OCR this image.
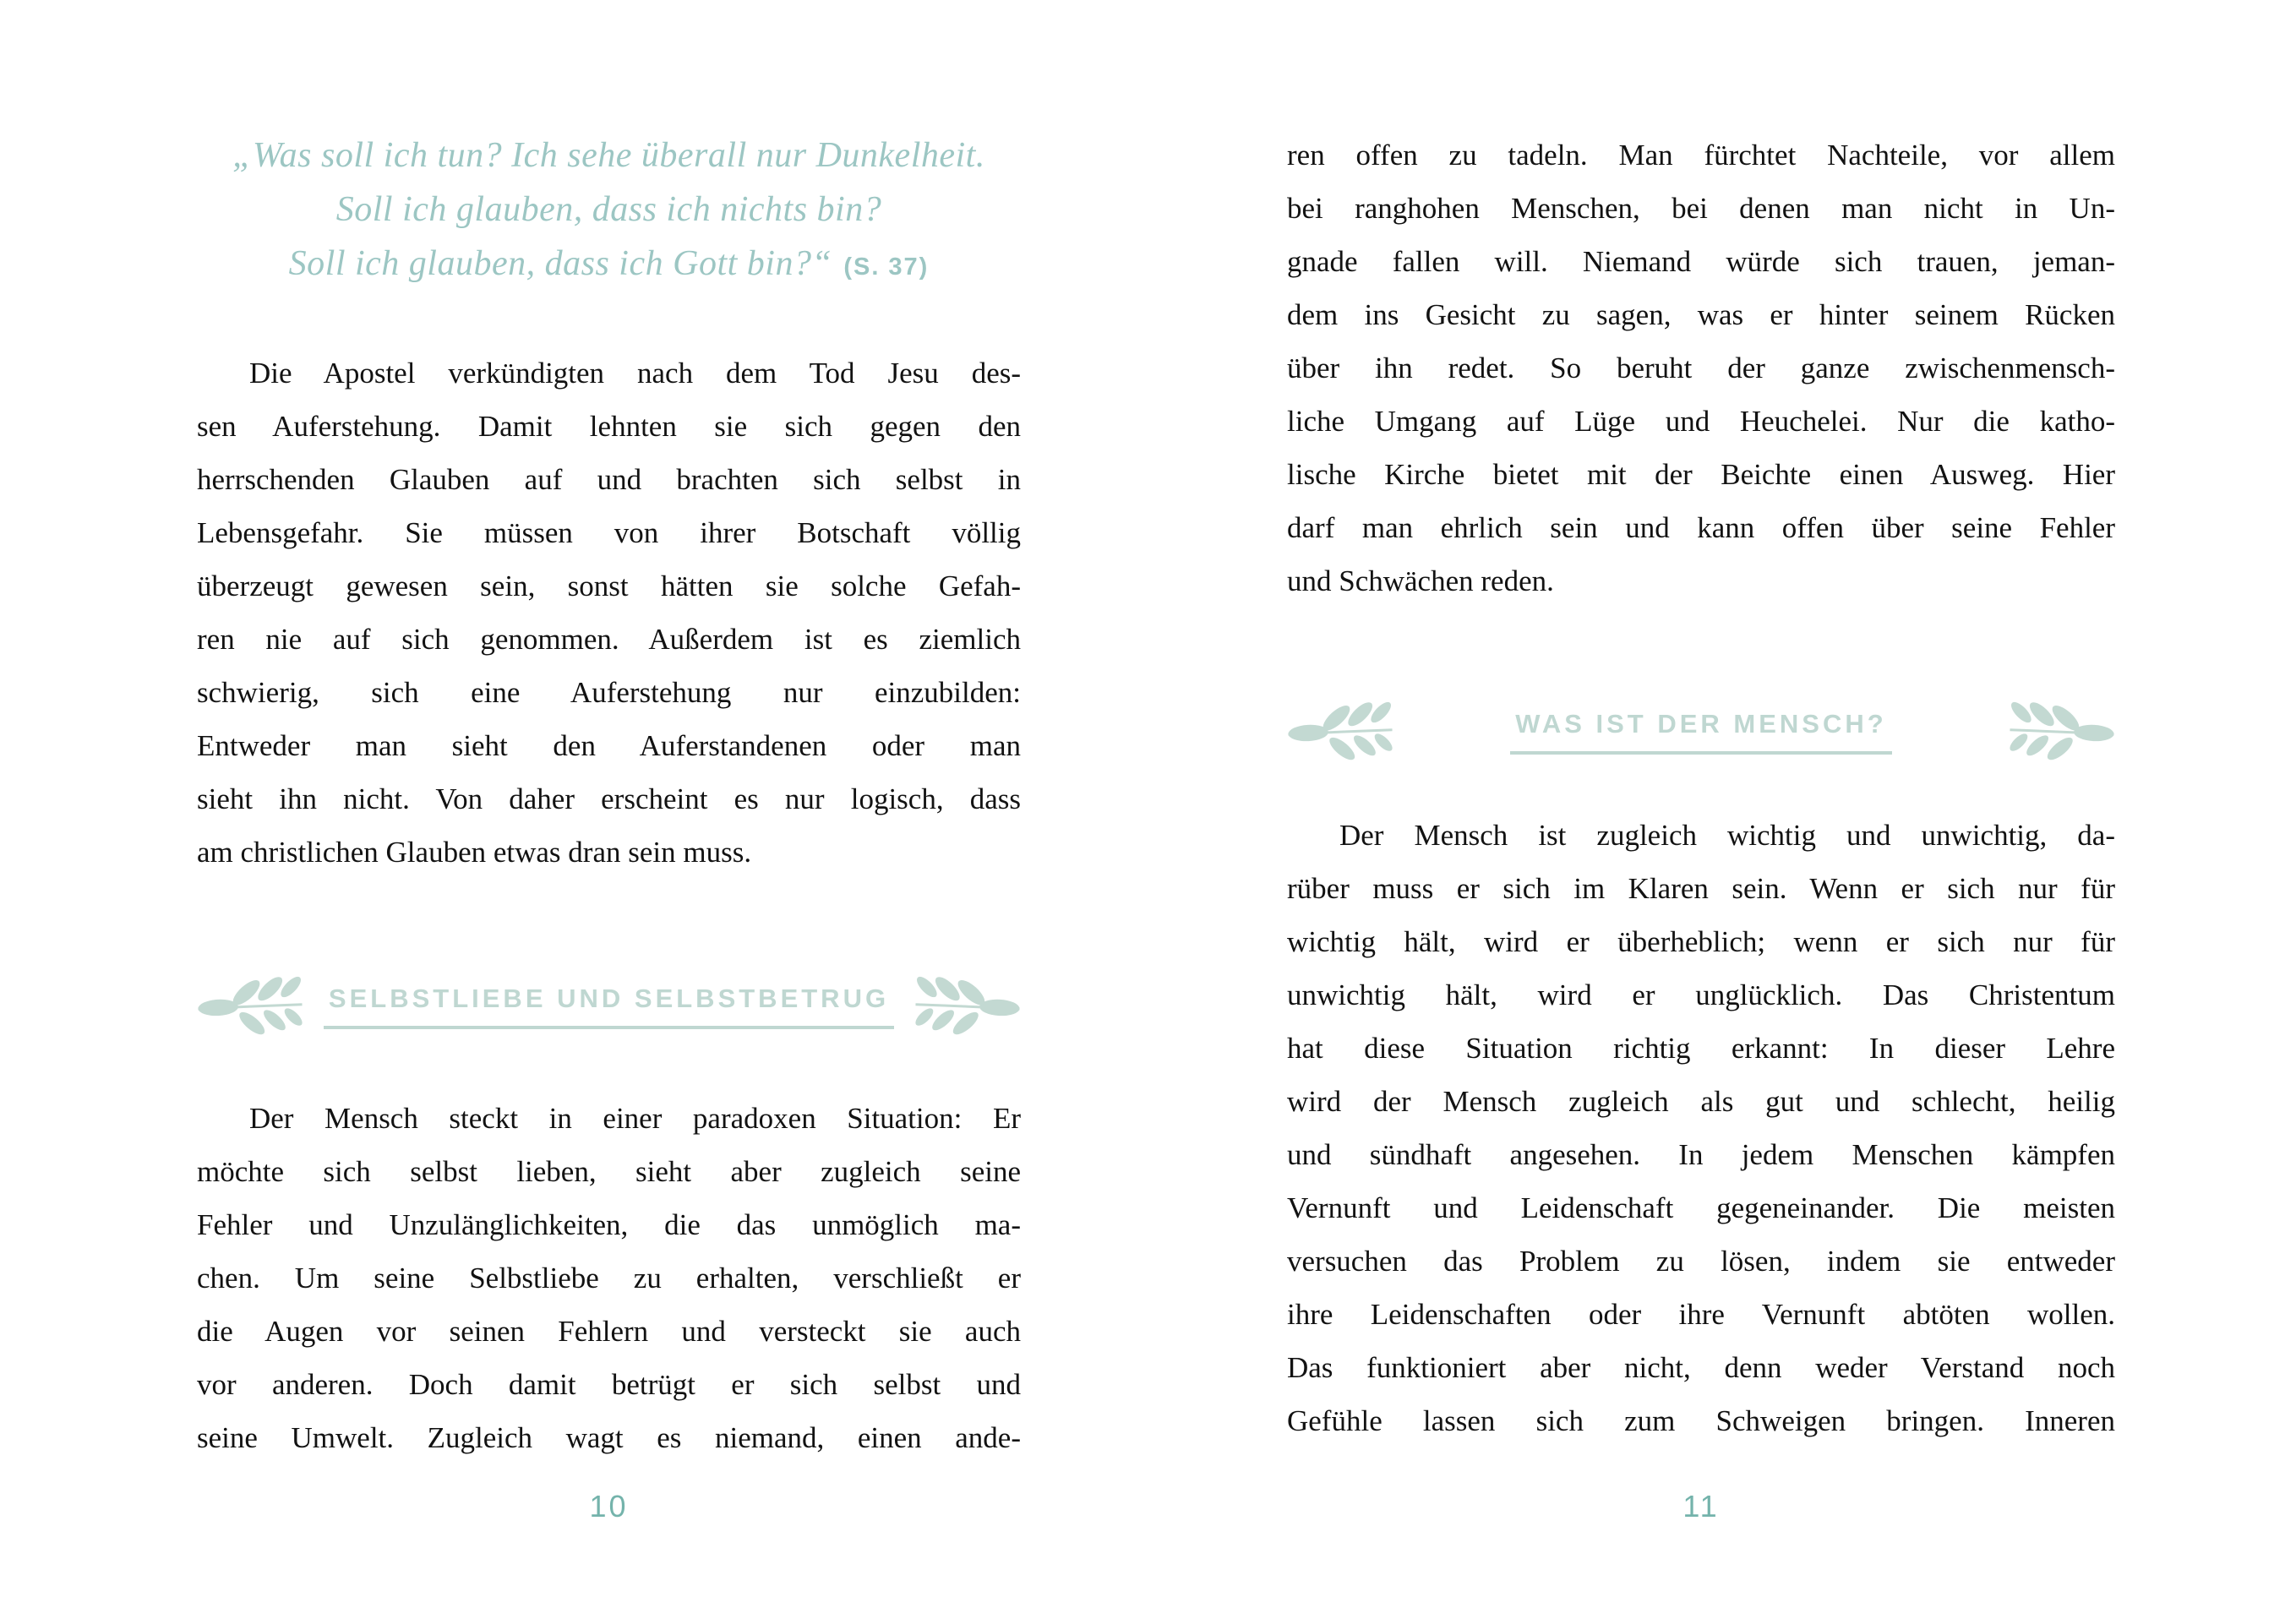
„Was soll ich tun? Ich sehe überall nur Dunkelheit.
Soll ich glauben, dass ich nichts bin?
Soll ich glauben, dass ich Gott bin?“ (S. 37)
Die Apostel verkündigten nach dem Tod Jesu des-
sen Auferstehung. Damit lehnten sie sich gegen den
herrschenden Glauben auf und brachten sich selbst in
Lebensgefahr. Sie müssen von ihrer Botschaft völlig
überzeugt gewesen sein, sonst hätten sie solche Gefah-
ren nie auf sich genommen. Außerdem ist es ziemlich
schwierig, sich eine Auferstehung nur einzubilden:
Entweder man sieht den Auferstandenen oder man
sieht ihn nicht. Von daher erscheint es nur logisch, dass
am christlichen Glauben etwas dran sein muss.
SELBSTLIEBE UND SELBSTBETRUG
Der Mensch steckt in einer paradoxen Situation: Er
möchte sich selbst lieben, sieht aber zugleich seine
Fehler und Unzulänglichkeiten, die das unmöglich ma-
chen. Um seine Selbstliebe zu erhalten, verschließt er
die Augen vor seinen Fehlern und versteckt sie auch
vor anderen. Doch damit betrügt er sich selbst und
seine Umwelt. Zugleich wagt es niemand, einen ande-
10
ren offen zu tadeln. Man fürchtet Nachteile, vor allem
bei ranghohen Menschen, bei denen man nicht in Un-
gnade fallen will. Niemand würde sich trauen, jeman-
dem ins Gesicht zu sagen, was er hinter seinem Rücken
über ihn redet. So beruht der ganze zwischenmensch-
liche Umgang auf Lüge und Heuchelei. Nur die katho-
lische Kirche bietet mit der Beichte einen Ausweg. Hier
darf man ehrlich sein und kann offen über seine Fehler
und Schwächen reden.
WAS IST DER MENSCH?
Der Mensch ist zugleich wichtig und unwichtig, da-
rüber muss er sich im Klaren sein. Wenn er sich nur für
wichtig hält, wird er überheblich; wenn er sich nur für
unwichtig hält, wird er unglücklich. Das Christentum
hat diese Situation richtig erkannt: In dieser Lehre
wird der Mensch zugleich als gut und schlecht, heilig
und sündhaft angesehen. In jedem Menschen kämpfen
Vernunft und Leidenschaft gegeneinander. Die meisten
versuchen das Problem zu lösen, indem sie entweder
ihre Leidenschaften oder ihre Vernunft abtöten wollen.
Das funktioniert aber nicht, denn weder Verstand noch
Gefühle lassen sich zum Schweigen bringen. Inneren
11
